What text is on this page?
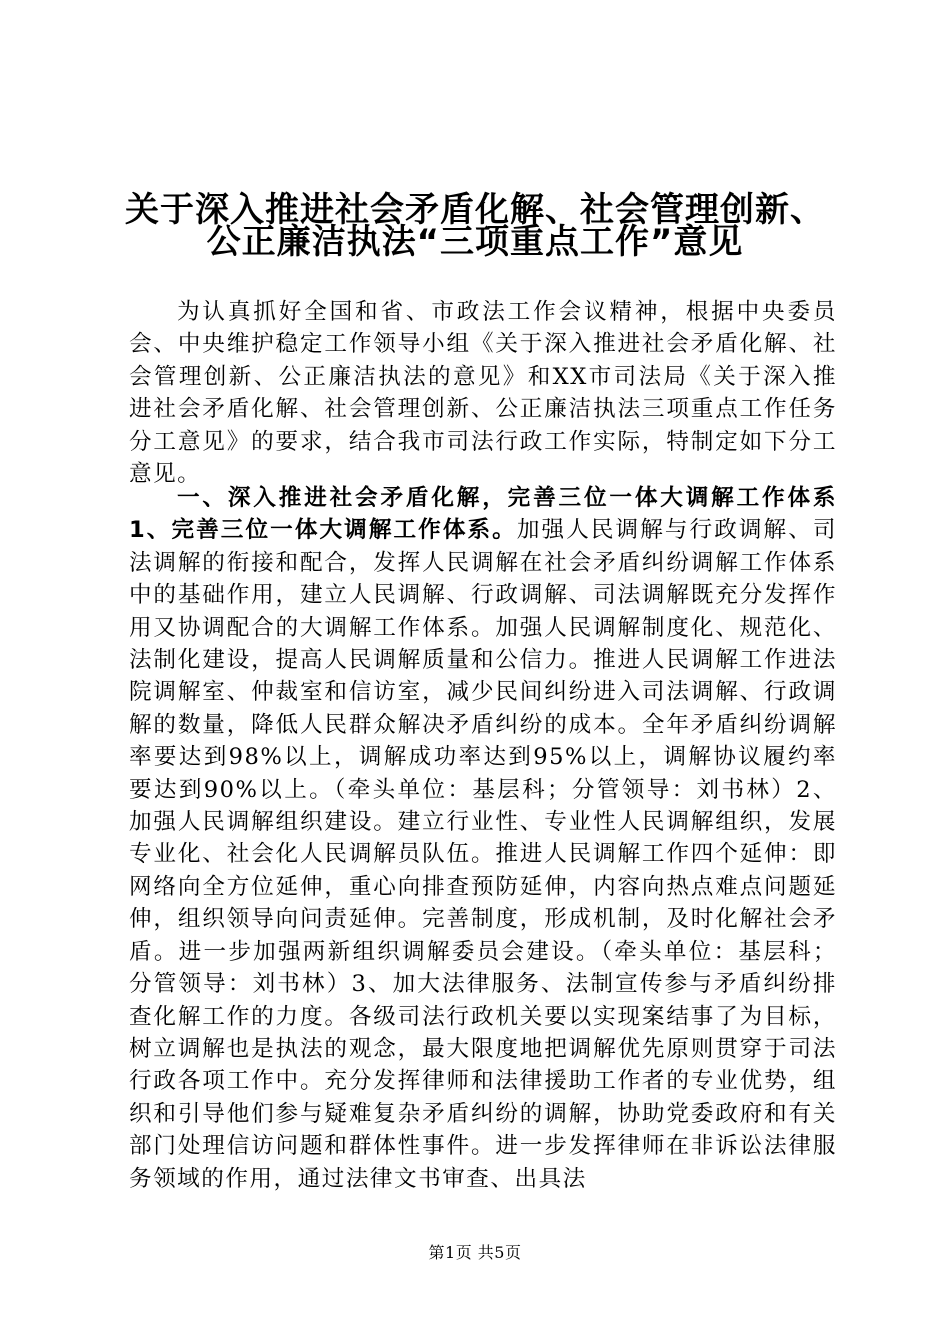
关于深入推进社会矛盾化解、社会管理创新、
公正廉洁执法“三项重点工作”意见
为认真抓好全国和省、市政法工作会议精神，根据中央委员会、中央维护稳定工作领导小组《关于深入推进社会矛盾化解、社会管理创新、公正廉洁执法的意见》和XX市司法局《关于深入推进社会矛盾化解、社会管理创新、公正廉洁执法三项重点工作任务分工意见》的要求，结合我市司法行政工作实际，特制定如下分工意见。
一、深入推进社会矛盾化解，完善三位一体大调解工作体系1、完善三位一体大调解工作体系。加强人民调解与行政调解、司法调解的衔接和配合，发挥人民调解在社会矛盾纠纷调解工作体系中的基础作用，建立人民调解、行政调解、司法调解既充分发挥作用又协调配合的大调解工作体系。加强人民调解制度化、规范化、法制化建设，提高人民调解质量和公信力。推进人民调解工作进法院调解室、仲裁室和信访室，减少民间纠纷进入司法调解、行政调解的数量，降低人民群众解决矛盾纠纷的成本。全年矛盾纠纷调解率要达到98%以上，调解成功率达到95%以上，调解协议履约率要达到90%以上。（牵头单位：基层科；分管领导：刘书林）2、加强人民调解组织建设。建立行业性、专业性人民调解组织，发展专业化、社会化人民调解员队伍。推进人民调解工作四个延伸：即网络向全方位延伸，重心向排查预防延伸，内容向热点难点问题延伸，组织领导向问责延伸。完善制度，形成机制，及时化解社会矛盾。进一步加强两新组织调解委员会建设。（牵头单位：基层科；分管领导：刘书林）3、加大法律服务、法制宣传参与矛盾纠纷排查化解工作的力度。各级司法行政机关要以实现案结事了为目标，树立调解也是执法的观念，最大限度地把调解优先原则贯穿于司法行政各项工作中。充分发挥律师和法律援助工作者的专业优势，组织和引导他们参与疑难复杂矛盾纠纷的调解，协助党委政府和有关部门处理信访问题和群体性事件。进一步发挥律师在非诉讼法律服务领域的作用，通过法律文书审查、出具法
第1页 共5页
